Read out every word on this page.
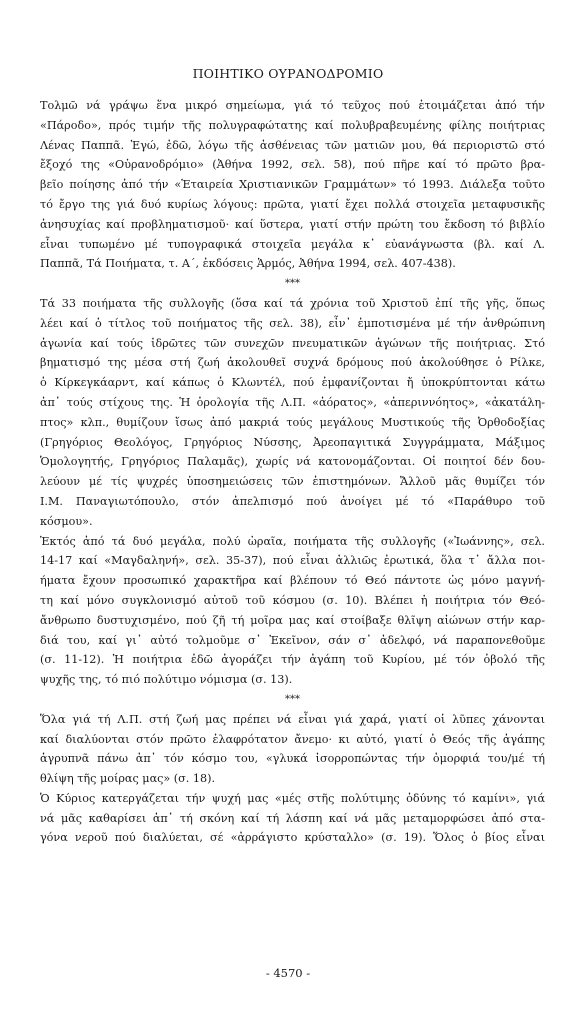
ΠΟΙΗΤΙΚΟ ΟΥΡΑΝΟΔΡΟΜΙΟ
Τολμῶ νά γράψω ἕνα μικρό σημείωμα, γιά τό τεῦχος πού ἑτοιμάζεται ἀπό τήν
«Πάροδο», πρός τιμήν τῆς πολυγραφώτατης καί πολυβραβευμένης φίλης ποιήτριας
Λένας Παππᾶ. Ἐγώ, ἐδῶ, λόγω τῆς ἀσθένειας τῶν ματιῶν μου, θά περιοριστῶ στό
ἔξοχό της «Οὐρανοδρόμιο» (Ἀθήνα 1992, σελ. 58), πού πῆρε καί τό πρῶτο βρα-
βεῖο ποίησης ἀπό τήν «Ἑταιρεία Χριστιανικῶν Γραμμάτων» τό 1993. Διάλεξα τοῦτο
τό ἔργο της γιά δυό κυρίως λόγους: πρῶτα, γιατί ἔχει πολλά στοιχεῖα μεταφυσικῆς
ἀνησυχίας καί προβληματισμοῦ· καί ὕστερα, γιατί στήν πρώτη του ἔκδοση τό βιβλίο
εἶναι τυπωμένο μέ τυπογραφικά στοιχεῖα μεγάλα κ᾽ εὐανάγνωστα (βλ. καί Λ.
Παππᾶ, Τά Ποιήματα, τ. Α΄, ἐκδόσεις Ἁρμός, Ἀθήνα 1994, σελ. 407-438).
***
Τά 33 ποιήματα τῆς συλλογῆς (ὅσα καί τά χρόνια τοῦ Χριστοῦ ἐπί τῆς γῆς, ὅπως
λέει καί ὁ τίτλος τοῦ ποιήματος τῆς σελ. 38), εἶν᾽ ἐμποτισμένα μέ τήν ἀνθρώπινη
ἀγωνία καί τούς ἱδρῶτες τῶν συνεχῶν πνευματικῶν ἀγώνων τῆς ποιήτριας. Στό
βηματισμό της μέσα στή ζωή ἀκολουθεῖ συχνά δρόμους πού ἀκολούθησε ὁ Ρίλκε,
ὁ Κίρκεγκάαρντ, καί κάπως ὁ Κλωντέλ, πού ἐμφανίζονται ἤ ὑποκρύπτονται κάτω
ἀπ᾽ τούς στίχους της. Ἡ ὁρολογία τῆς Λ.Π. «ἀόρατος», «ἀπεριννόητος», «ἀκατάλη-
πτος» κλπ., θυμίζουν ἴσως ἀπό μακριά τούς μεγάλους Μυστικούς τῆς Ὀρθοδοξίας
(Γρηγόριος Θεολόγος, Γρηγόριος Νύσσης, Ἀρεοπαγιτικά Συγγράμματα, Μάξιμος
Ὁμολογητής, Γρηγόριος Παλαμᾶς), χωρίς νά κατονομάζονται. Οἱ ποιητοί δέν δου-
λεύουν μέ τίς ψυχρές ὑποσημειώσεις τῶν ἐπιστημόνων. Ἄλλοῦ μᾶς θυμίζει τόν
Ι.Μ. Παναγιωτόπουλο, στόν ἀπελπισμό πού ἀνοίγει μέ τό «Παράθυρο τοῦ
κόσμου».
Ἐκτός ἀπό τά δυό μεγάλα, πολύ ὡραῖα, ποιήματα τῆς συλλογῆς («Ἰωάννης», σελ.
14-17 καί «Μαγδαληνή», σελ. 35-37), πού εἶναι ἀλλιῶς ἐρωτικά, ὅλα τ᾽ ἄλλα ποι-
ήματα ἔχουν προσωπικό χαρακτῆρα καί βλέπουν τό Θεό πάντοτε ὡς μόνο μαγνή-
τη καί μόνο συγκλονισμό αὐτοῦ τοῦ κόσμου (σ. 10). Βλέπει ἡ ποιήτρια τόν Θεό-
ἄνθρωπο δυστυχισμένο, πού ζῆ τή μοῖρα μας καί στοίβαξε θλῖψη αἰώνων στήν καρ-
διά του, καί γι᾽ αὐτό τολμοῦμε σ᾽ Ἐκεῖνον, σάν σ᾽ ἀδελφό, νά παραπονεθοῦμε
(σ. 11-12). Ἡ ποιήτρια ἐδῶ ἀγοράζει τήν ἀγάπη τοῦ Κυρίου, μέ τόν ὀβολό τῆς
ψυχῆς της, τό πιό πολύτιμο νόμισμα (σ. 13).
***
Ὅλα γιά τή Λ.Π. στή ζωή μας πρέπει νά εἶναι γιά χαρά, γιατί οἱ λῦπες χάνονται
καί διαλύονται στόν πρῶτο ἐλαφρότατον ἄνεμο· κι αὐτό, γιατί ὁ Θεός τῆς ἀγάπης
ἀγρυπνᾶ πάνω ἀπ᾽ τόν κόσμο του, «γλυκά ἰσορροπώντας τήν ὀμορφιά του/μέ τή
θλίψη τῆς μοίρας μας» (σ. 18).
Ὁ Κύριος κατεργάζεται τήν ψυχή μας «μές στῆς πολύτιμης ὀδύνης τό καμίνι», γιά
νά μᾶς καθαρίσει ἀπ᾽ τή σκόνη καί τή λάσπη καί νά μᾶς μεταμορφώσει ἀπό στα-
γόνα νεροῦ πού διαλύεται, σέ «ἀρράγιστο κρύσταλλο» (σ. 19). Ὅλος ὁ βίος εἶναι
- 4570 -
